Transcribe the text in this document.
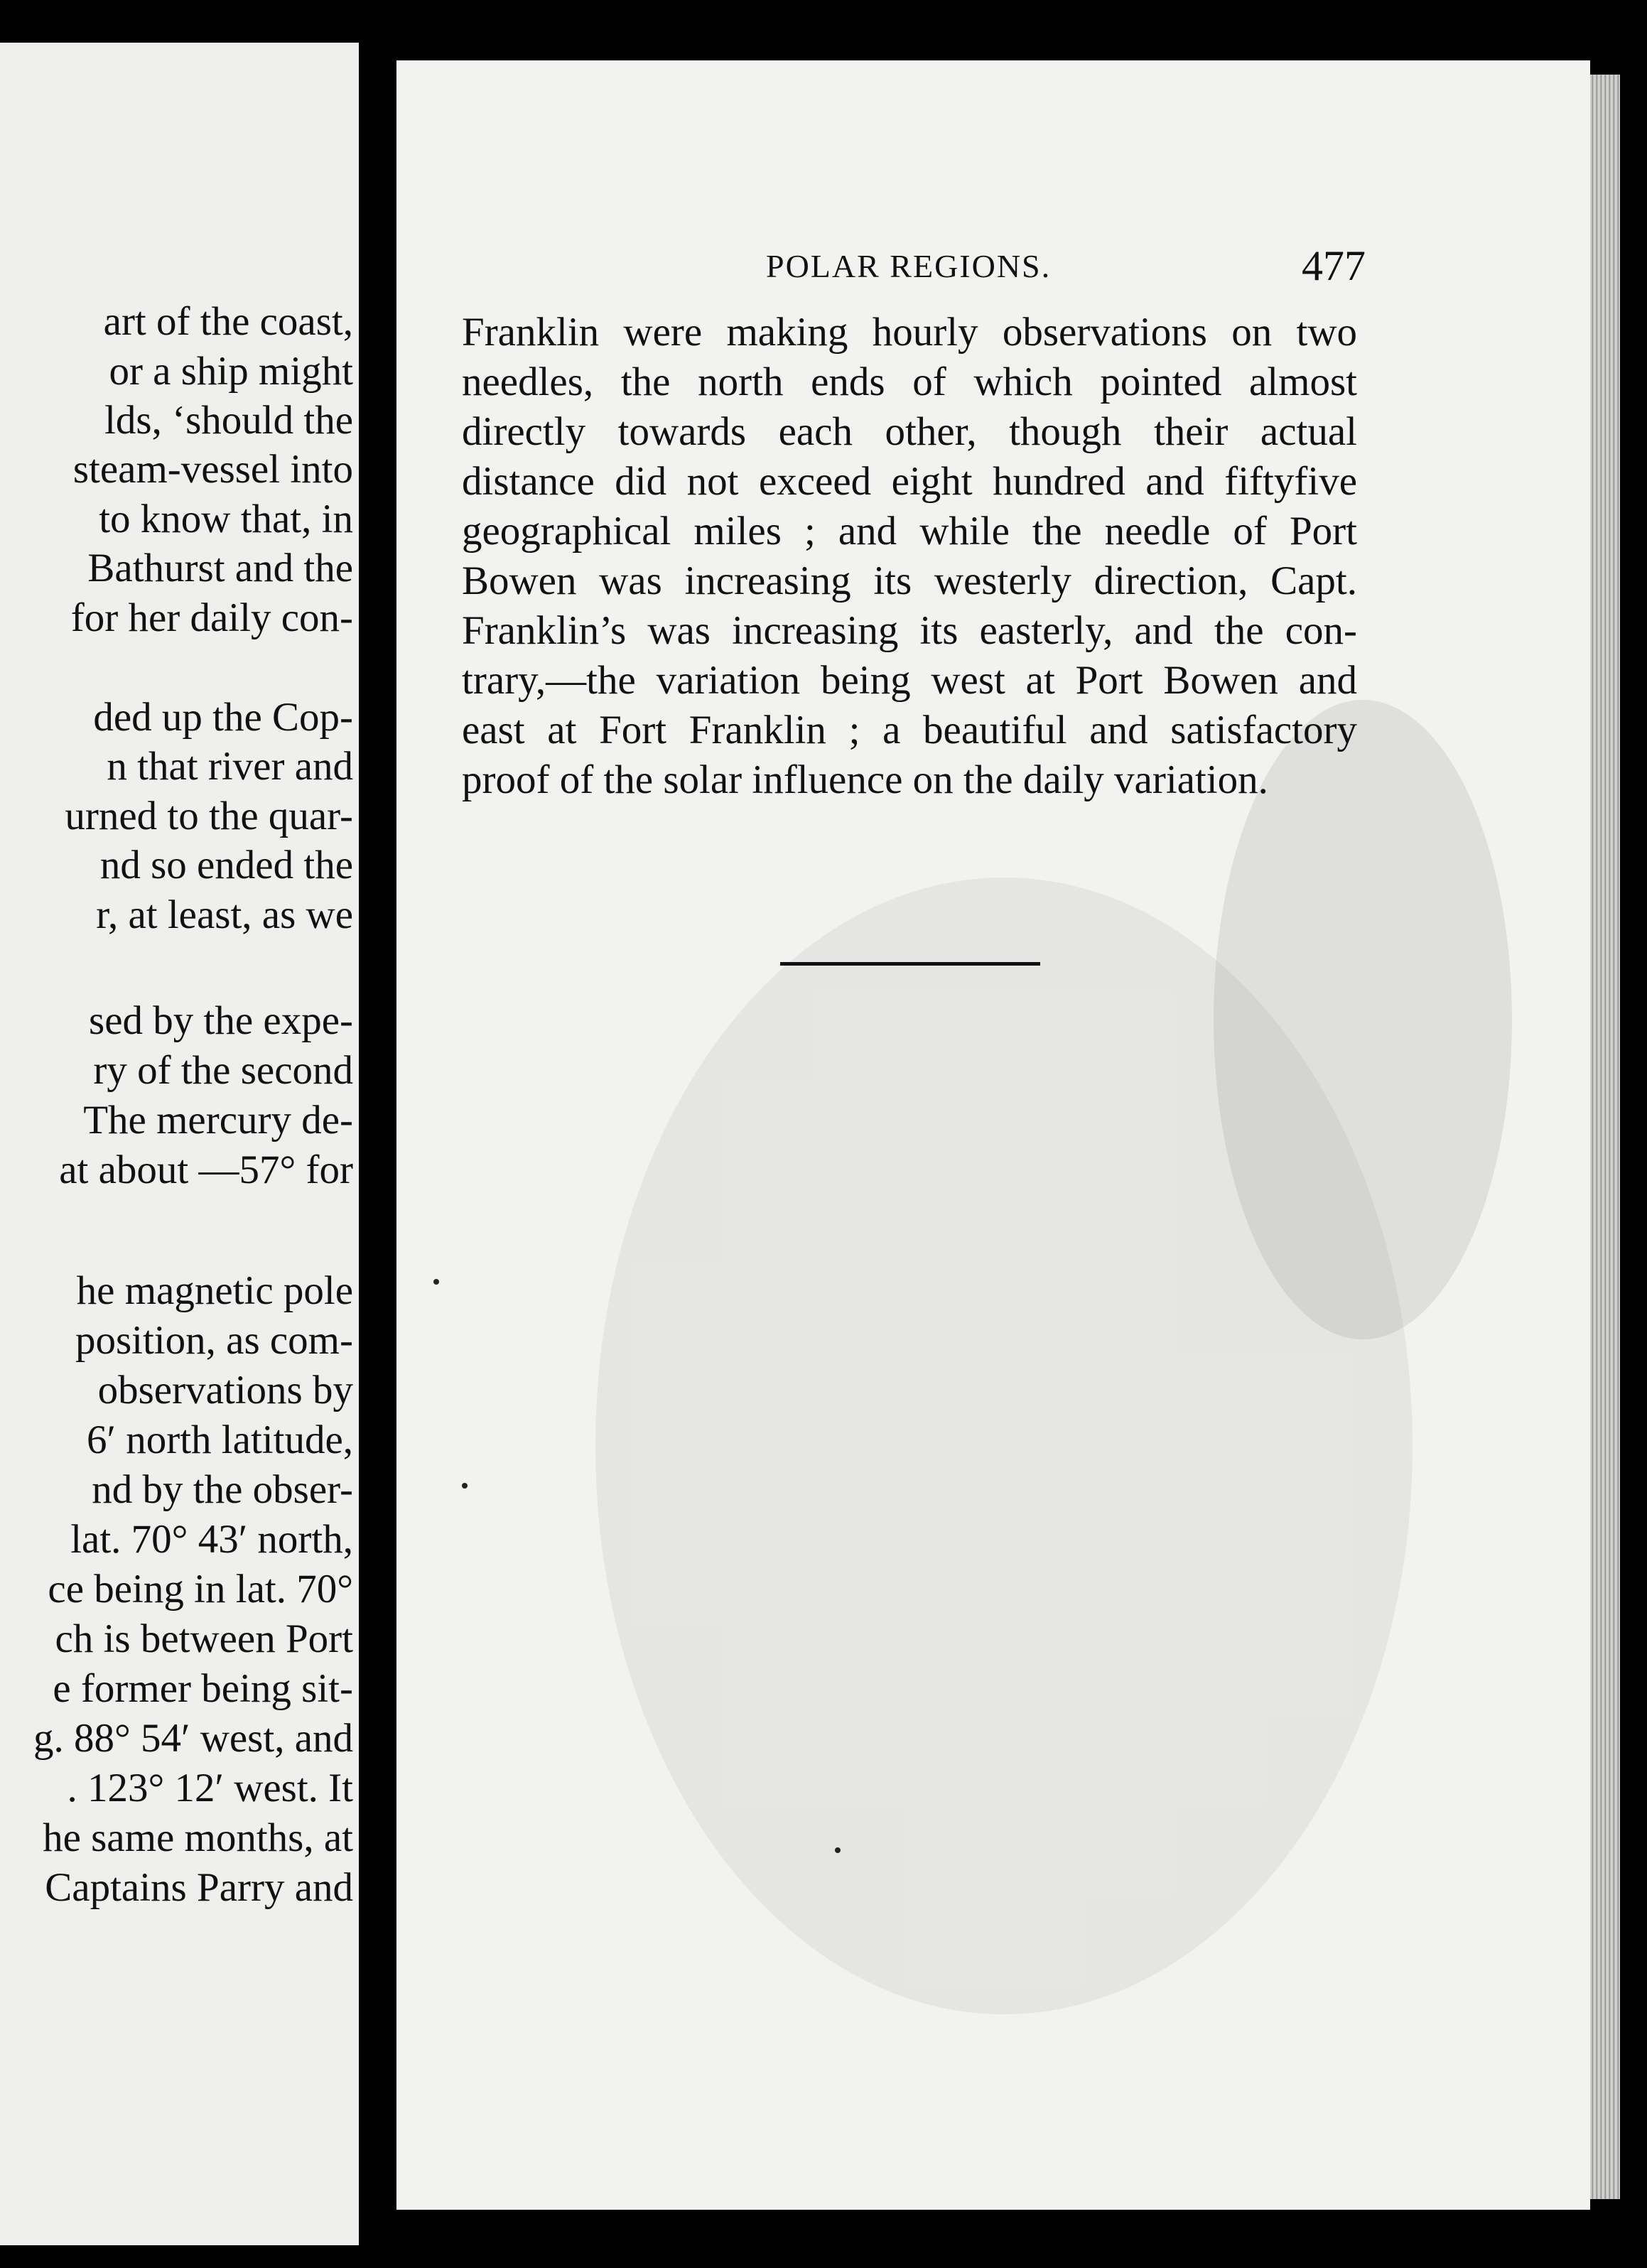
art of the coast,
or a ship might
lds, ‘should the
steam-vessel into
to know that, in
Bathurst and the
for her daily con-
ded up the Cop-
n that river and
urned to the quar-
nd so ended the
r, at least, as we
sed by the expe-
ry of the second
The mercury de-
at about —57° for
he magnetic pole
position, as com-
observations by
6′ north latitude,
nd by the obser-
lat. 70° 43′ north,
ce being in lat. 70°
ch is between Port
e former being sit-
g. 88° 54′ west, and
. 123° 12′ west. It
he same months, at
Captains Parry and
POLAR REGIONS.	477
Franklin were making hourly observations on two
needles, the north ends of which pointed almost
directly towards each other, though their actual
distance did not exceed eight hundred and fiftyfive
geographical miles ; and while the needle of Port
Bowen was increasing its westerly direction, Capt.
Franklin’s was increasing its easterly, and the con-
trary,—the variation being west at Port Bowen and
east at Fort Franklin ; a beautiful and satisfactory
proof of the solar influence on the daily variation.
